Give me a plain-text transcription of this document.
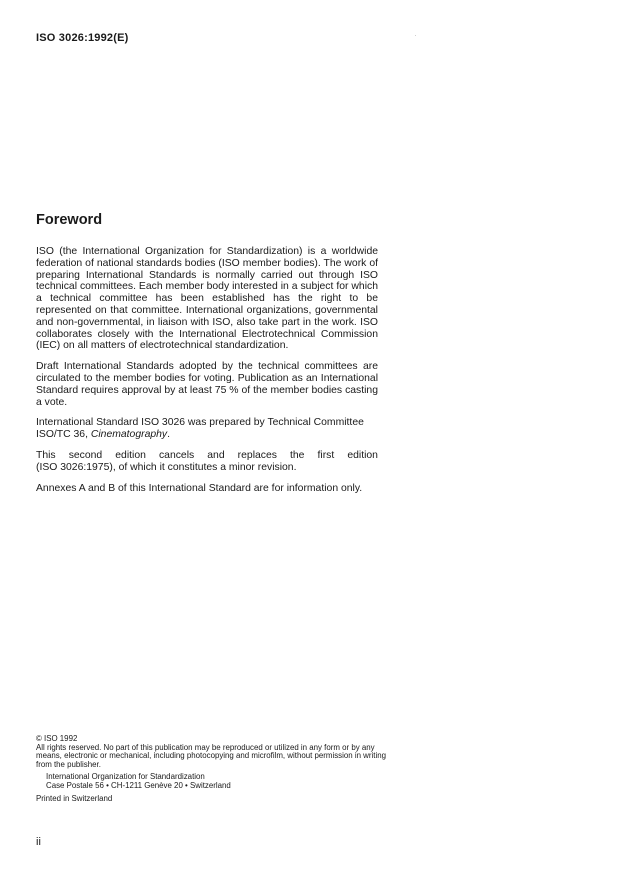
ISO 3026:1992(E)
Foreword

ISO (the International Organization for Standardization) is a worldwide federation of national standards bodies (ISO member bodies). The work of preparing International Standards is normally carried out through ISO technical committees. Each member body interested in a subject for which a technical committee has been established has the right to be represented on that committee. International organizations, governmental and non-governmental, in liaison with ISO, also take part in the work. ISO collaborates closely with the International Electrotechnical Commission (IEC) on all matters of electrotechnical standardization.

Draft International Standards adopted by the technical committees are circulated to the member bodies for voting. Publication as an International Standard requires approval by at least 75 % of the member bodies casting a vote.

International Standard ISO 3026 was prepared by Technical Committee ISO/TC 36, Cinematography.

This second edition cancels and replaces the first edition
(ISO 3026:1975), of which it constitutes a minor revision.

Annexes A and B of this International Standard are for information only.

© ISO 1992

All rights reserved. No part of this publication may be reproduced or utilized in any form or by any means, electronic or mechanical, including photocopying and microfilm, without permission in writing from the publisher.

International Organization for Standardization

Case Postale 56 • CH-1211 Genève 20 • Switzerland

Printed in Switzerland

ii
